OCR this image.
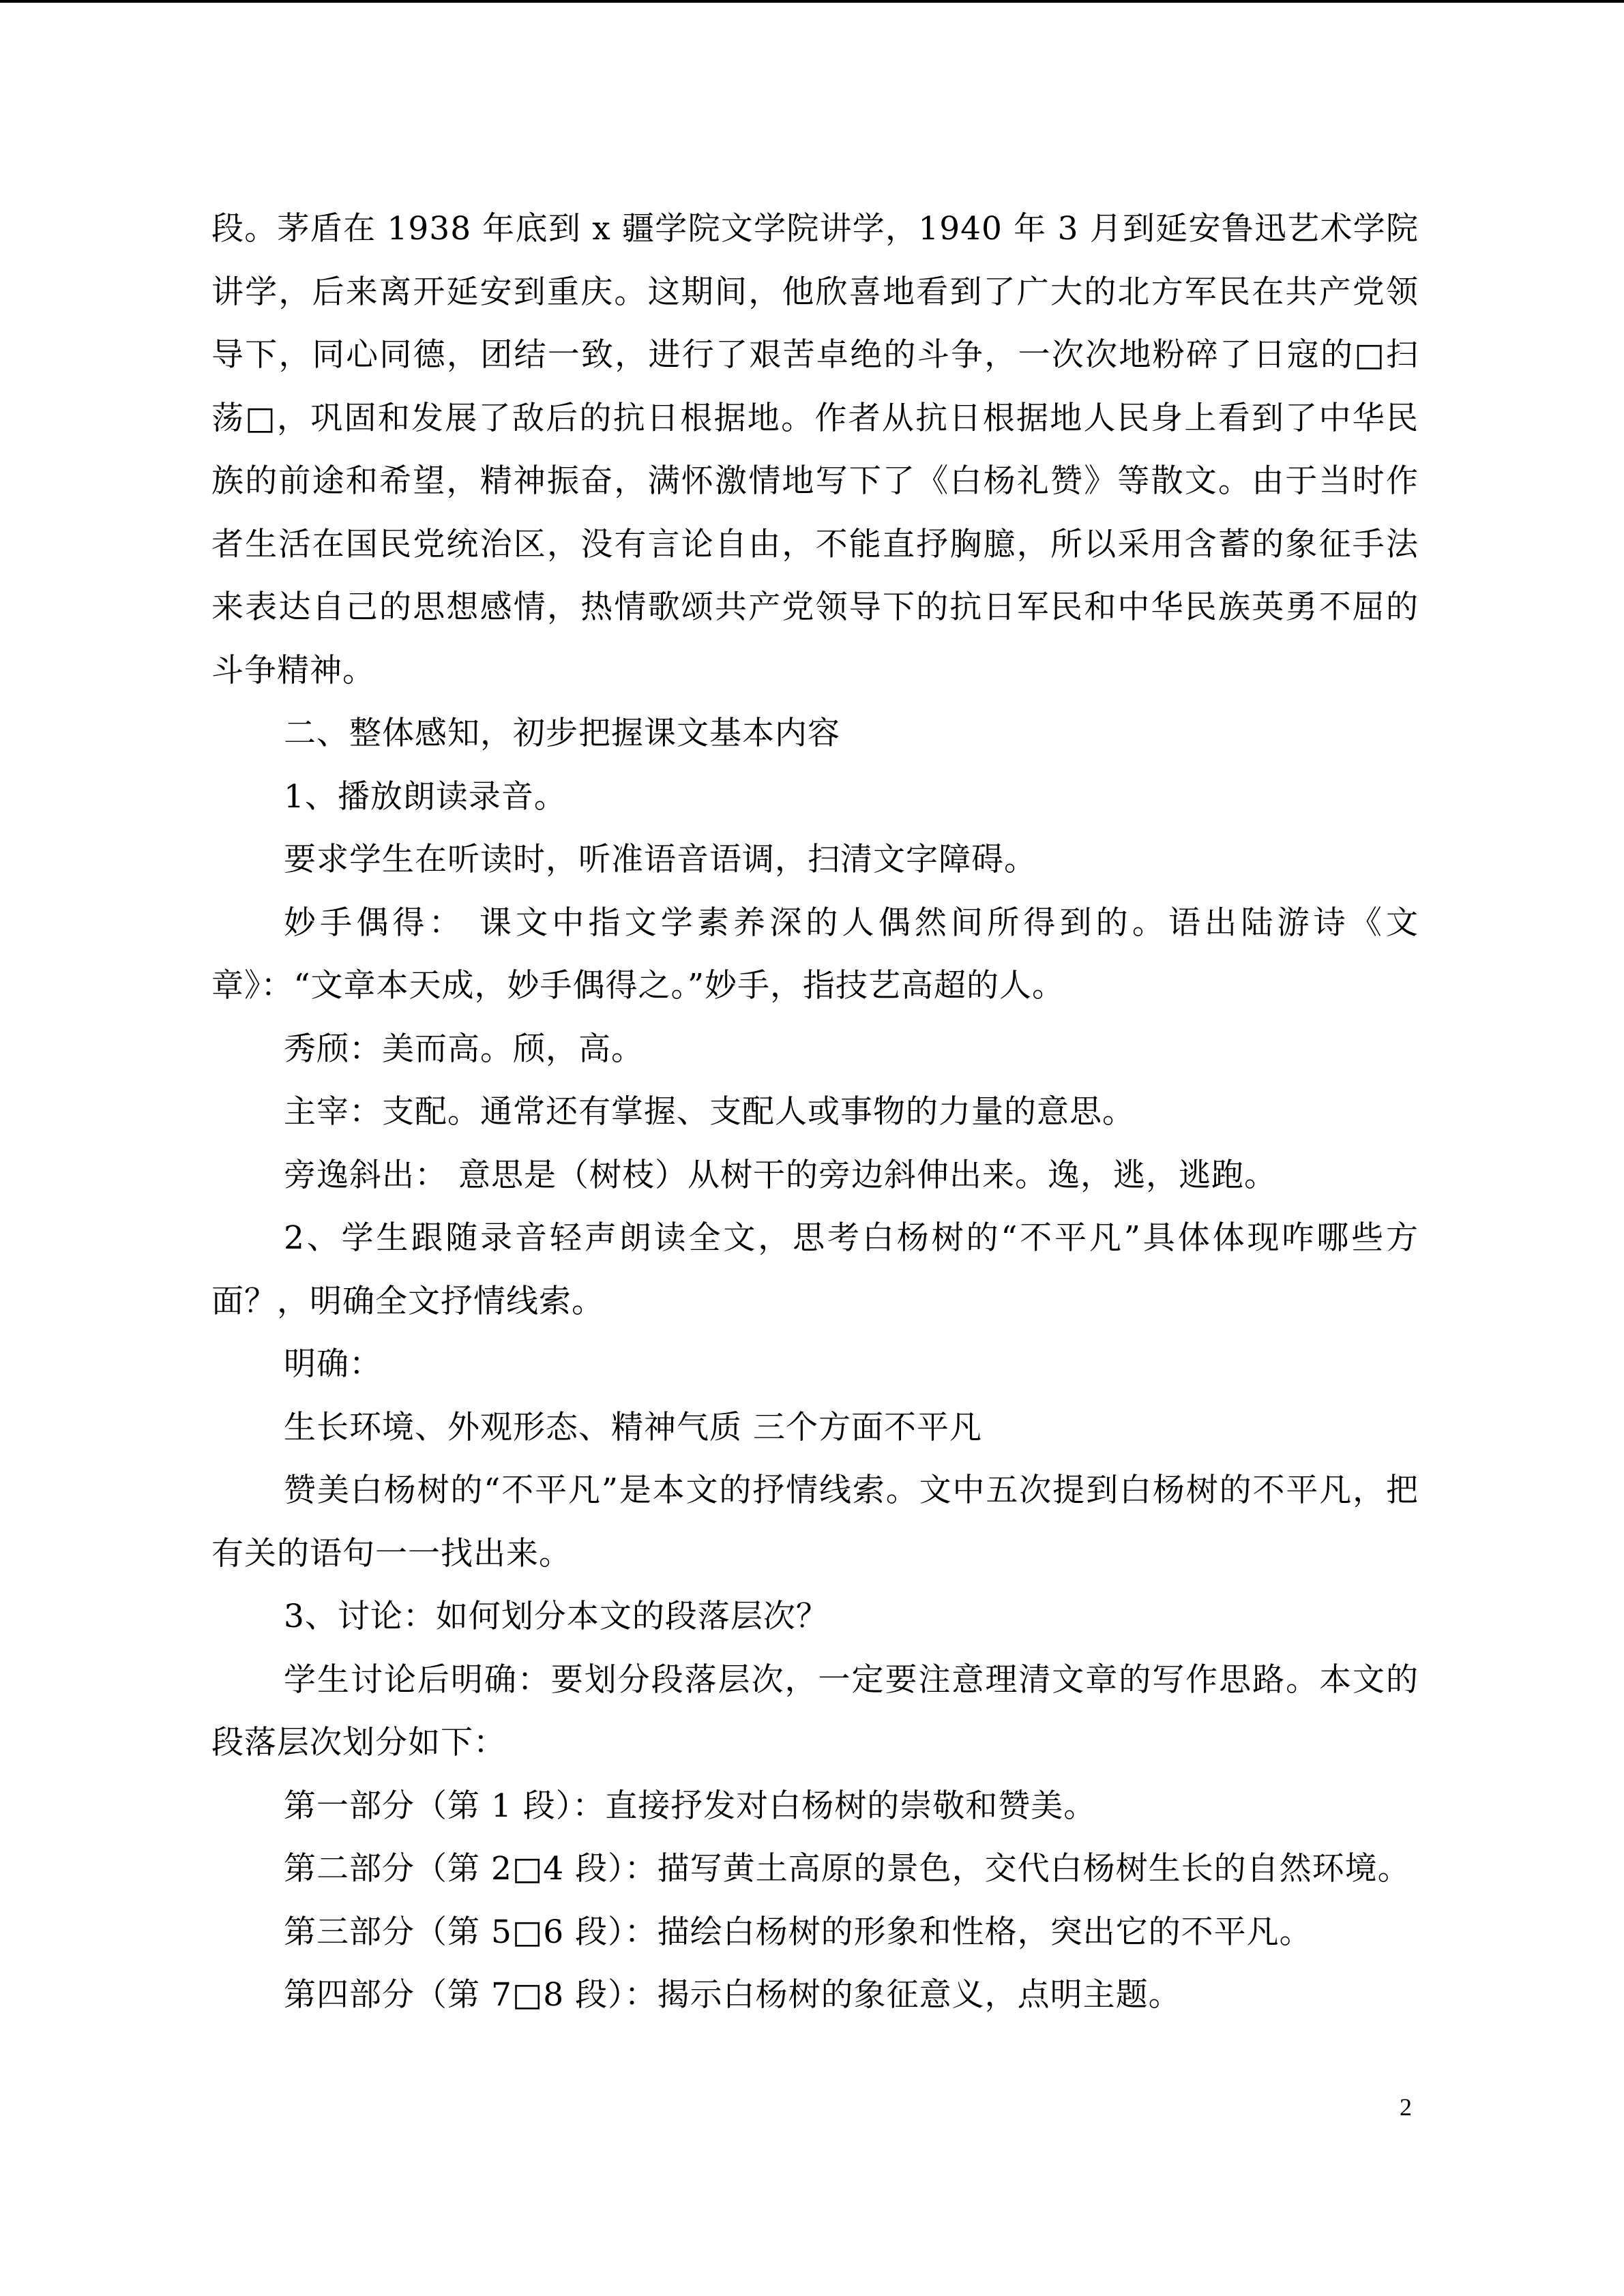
段。茅盾在 1938 年底到 x 疆学院文学院讲学，1940 年 3 月到延安鲁迅艺术学院讲学，后来离开延安到重庆。这期间，他欣喜地看到了广大的北方军民在共产党领导下，同心同德，团结一致，进行了艰苦卓绝的斗争，一次次地粉碎了日寇的□扫荡□，巩固和发展了敌后的抗日根据地。作者从抗日根据地人民身上看到了中华民族的前途和希望，精神振奋，满怀激情地写下了《白杨礼赞》等散文。由于当时作者生活在国民党统治区，没有言论自由，不能直抒胸臆，所以采用含蓄的象征手法来表达自己的思想感情，热情歌颂共产党领导下的抗日军民和中华民族英勇不屈的斗争精神。

二、整体感知，初步把握课文基本内容

1、播放朗读录音。

要求学生在听读时，听准语音语调，扫清文字障碍。

妙手偶得： 课文中指文学素养深的人偶然间所得到的。语出陆游诗《文章》：“文章本天成，妙手偶得之。”妙手，指技艺高超的人。

秀颀：美而高。颀，高。

主宰：支配。通常还有掌握、支配人或事物的力量的意思。

旁逸斜出： 意思是（树枝）从树干的旁边斜伸出来。逸，逃，逃跑。

2、学生跟随录音轻声朗读全文，思考白杨树的“不平凡”具体体现咋哪些方面？，明确全文抒情线索。

明确：

生长环境、外观形态、精神气质 三个方面不平凡

赞美白杨树的“不平凡”是本文的抒情线索。文中五次提到白杨树的不平凡，把有关的语句一一找出来。

3、讨论：如何划分本文的段落层次？

学生讨论后明确：要划分段落层次，一定要注意理清文章的写作思路。本文的段落层次划分如下：

第一部分（第 1 段）：直接抒发对白杨树的崇敬和赞美。

第二部分（第 2□4 段）：描写黄土高原的景色，交代白杨树生长的自然环境。

第三部分（第 5□6 段）：描绘白杨树的形象和性格，突出它的不平凡。

第四部分（第 7□8 段）：揭示白杨树的象征意义，点明主题。

2
